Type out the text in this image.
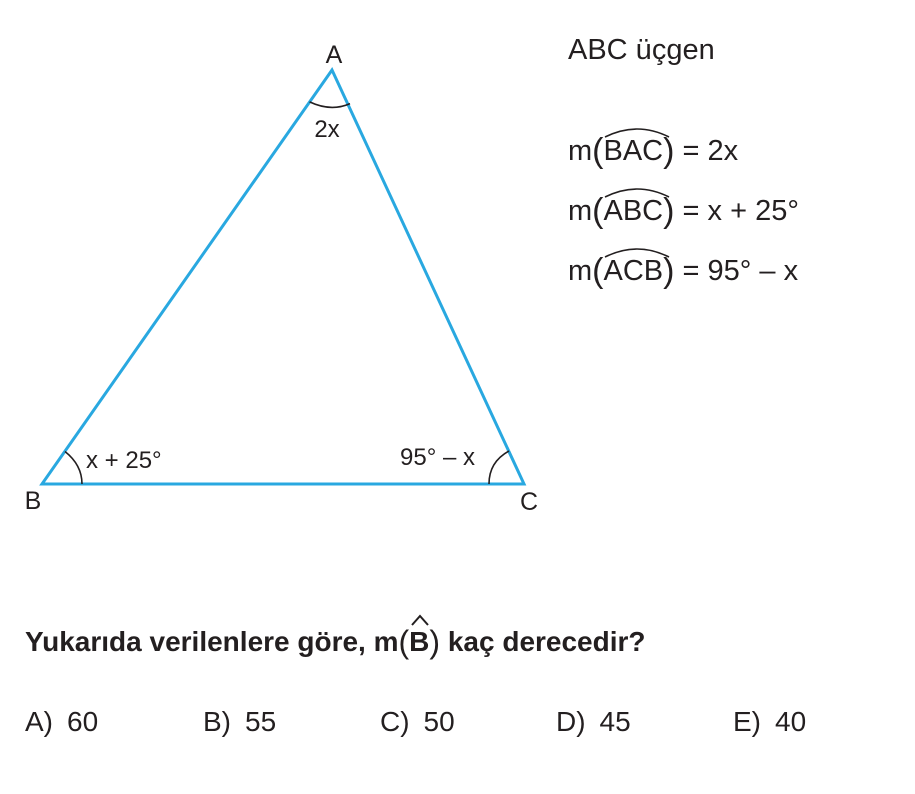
A
B	C
2x
x + 25°	95° – x
ABC üçgen
m ( BAC )
= 2x
m ( ABC )
= x + 25°
m ( ACB )
= 95° – x
Yukarıda verilenlere göre, m ( B )
kaç derecedir?
A) 60	B) 55	C) 50	D) 45	E) 40
